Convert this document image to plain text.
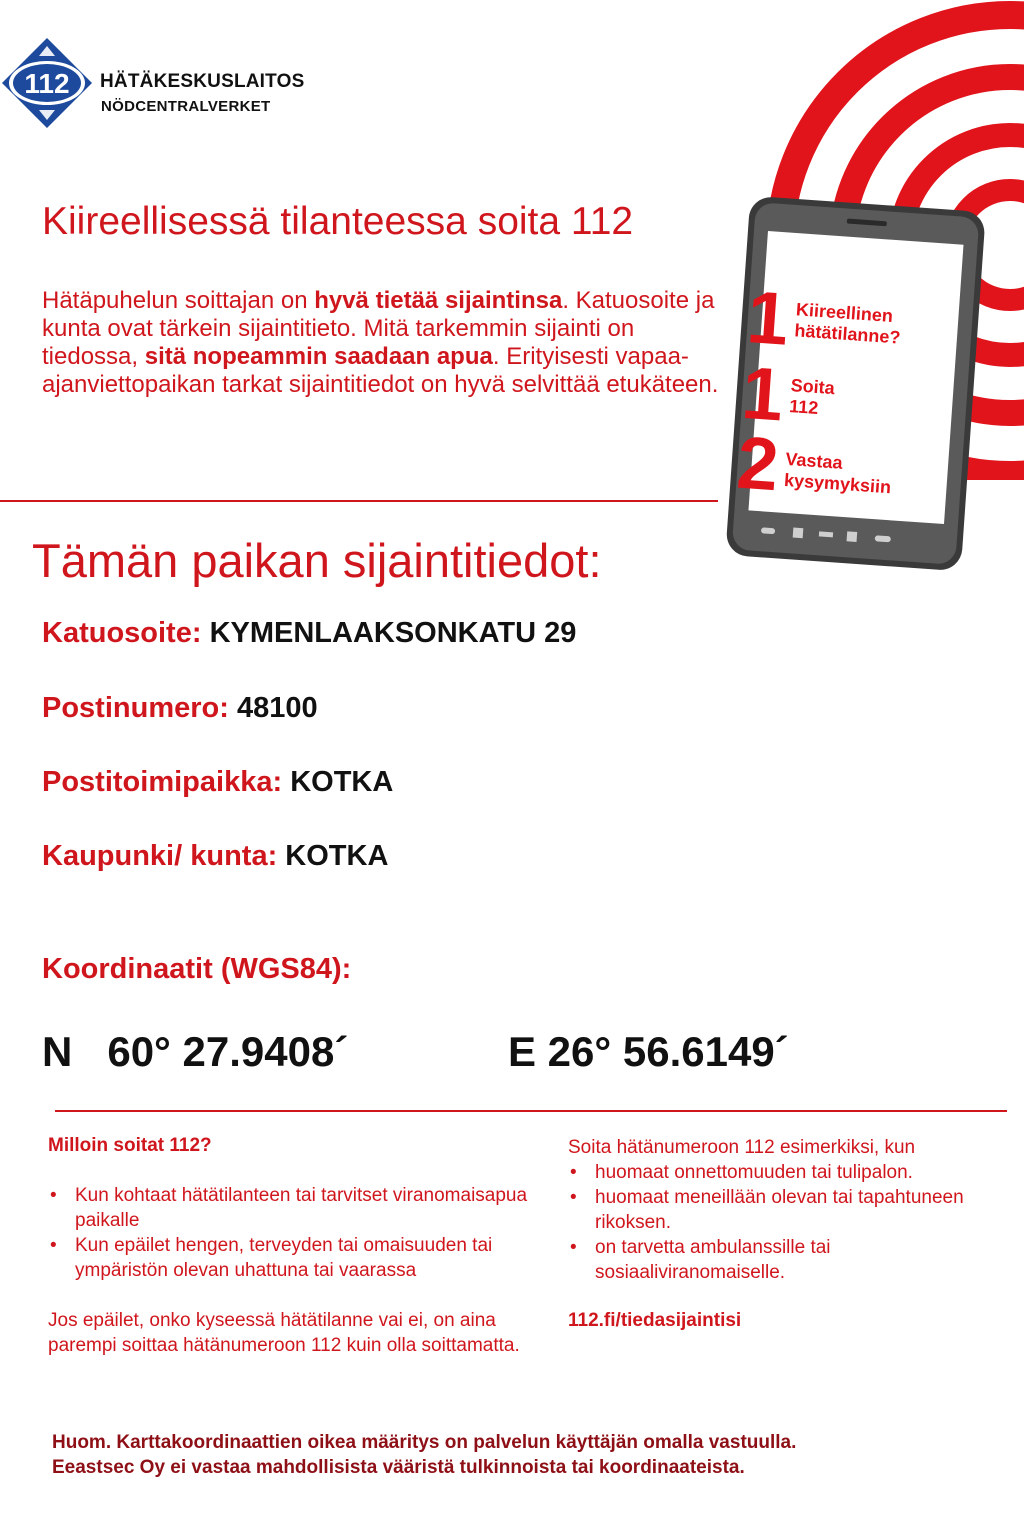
112 HÄTÄKESKUSLAITOS
NÖDCENTRALVERKET
1 Kiireellinen
hätätilanne?
1 Soita
112
2 Vastaa
kysymyksiin
Kiireellisessä tilanteessa soita 112
Hätäpuhelun soittajan on hyvä tietää sijaintinsa. Katuosoite ja kunta ovat tärkein sijaintitieto. Mitä tarkemmin sijainti on tiedossa, sitä nopeammin saadaan apua. Erityisesti vapaa-ajanviettopaikan tarkat sijaintitiedot on hyvä selvittää etukäteen.
Tämän paikan sijaintitiedot:
Katuosoite: KYMENLAAKSONKATU 29
Postinumero: 48100
Postitoimipaikka: KOTKA
Kaupunki/ kunta: KOTKA
Koordinaatit (WGS84):
N   60° 27.9408´	E 26° 56.6149´
Milloin soitat 112?
• Kun kohtaat hätätilanteen tai tarvitset viranomaisapua paikalle
• Kun epäilet hengen, terveyden tai omaisuuden tai ympäristön olevan uhattuna tai vaarassa
Jos epäilet, onko kyseessä hätätilanne vai ei, on aina parempi soittaa hätänumeroon 112 kuin olla soittamatta.
Soita hätänumeroon 112 esimerkiksi, kun
• huomaat onnettomuuden tai tulipalon.
• huomaat meneillään olevan tai tapahtuneen rikoksen.
• on tarvetta ambulanssille tai sosiaaliviranomaiselle.
112.fi/tiedasijaintisi
Huom. Karttakoordinaattien oikea määritys on palvelun käyttäjän omalla vastuulla.
Eeastsec Oy ei vastaa mahdollisista vääristä tulkinnoista tai koordinaateista.
